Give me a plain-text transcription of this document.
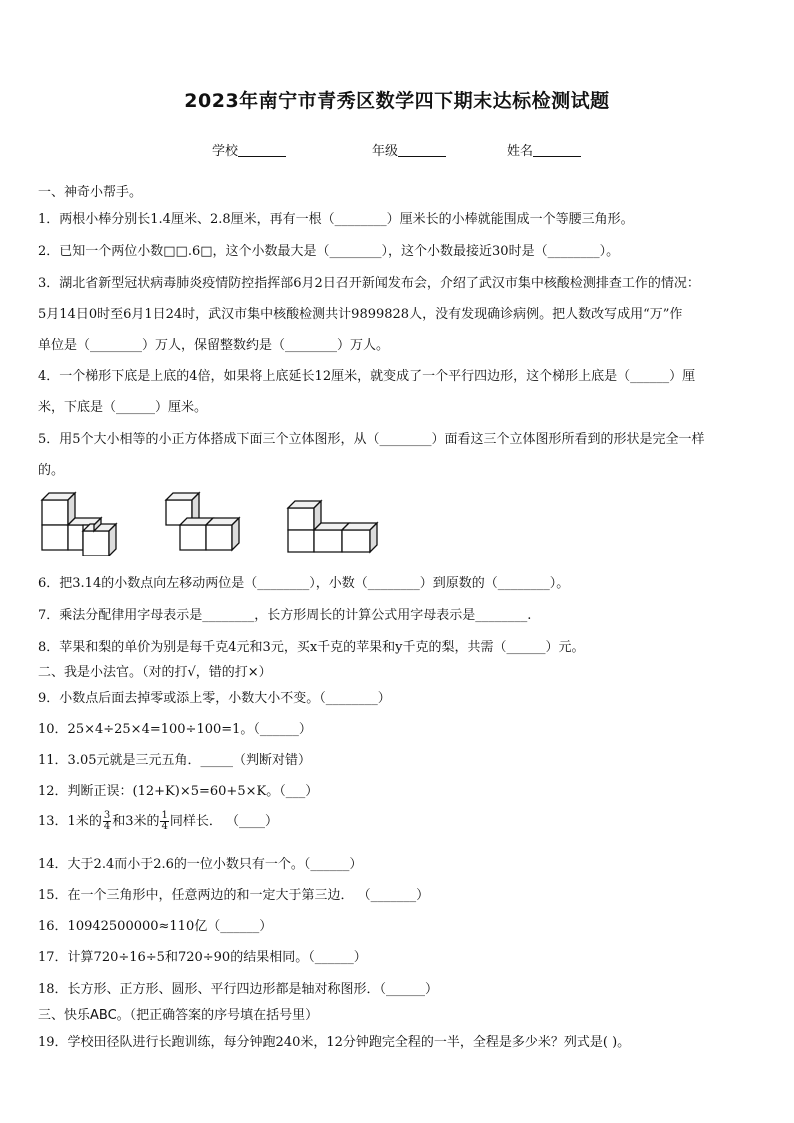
2023年南宁市青秀区数学四下期末达标检测试题
学校	年级	姓名
一、神奇小帮手。
1．两根小棒分别长1.4厘米、2.8厘米，再有一根（________）厘米长的小棒就能围成一个等腰三角形。
2．已知一个两位小数□□.6□，这个小数最大是（________），这个小数最接近30时是（________）。
3．湖北省新型冠状病毒肺炎疫情防控指挥部6月2日召开新闻发布会，介绍了武汉市集中核酸检测排查工作的情况：
5月14日0时至6月1日24时，武汉市集中核酸检测共计9899828人，没有发现确诊病例。把人数改写成用“万”作
单位是（________）万人，保留整数约是（________）万人。
4．一个梯形下底是上底的4倍，如果将上底延长12厘米，就变成了一个平行四边形，这个梯形上底是（______）厘
米，下底是（______）厘米。
5．用5个大小相等的小正方体搭成下面三个立体图形，从（________）面看这三个立体图形所看到的形状是完全一样
的。
6．把3.14的小数点向左移动两位是（________），小数（________）到原数的（________）。
7．乘法分配律用字母表示是________，长方形周长的计算公式用字母表示是________.
8．苹果和梨的单价为别是每千克4元和3元，买x千克的苹果和y千克的梨，共需（______）元。
二、我是小法官。（对的打√，错的打×）
9．小数点后面去掉零或添上零，小数大小不变。（________）
10．25×4÷25×4=100÷100=1。（______）
11．3.05元就是三元五角．_____（判断对错）
12．判断正误：(12+K)×5=60+5×K。（___）
13．1米的 $\frac{3}{4}$ 和3米的 $\frac{1}{4}$ 同样长． （____）
14．大于2.4而小于2.6的一位小数只有一个。（______）
15．在一个三角形中，任意两边的和一定大于第三边． （_______）
16．10942500000≈110亿（______）
17．计算720÷16÷5和720÷90的结果相同。（______）
18．长方形、正方形、圆形、平行四边形都是轴对称图形．（______）
三、快乐ABC。（把正确答案的序号填在括号里）
19．学校田径队进行长跑训练，每分钟跑240米，12分钟跑完全程的一半，全程是多少米？列式是( )。
